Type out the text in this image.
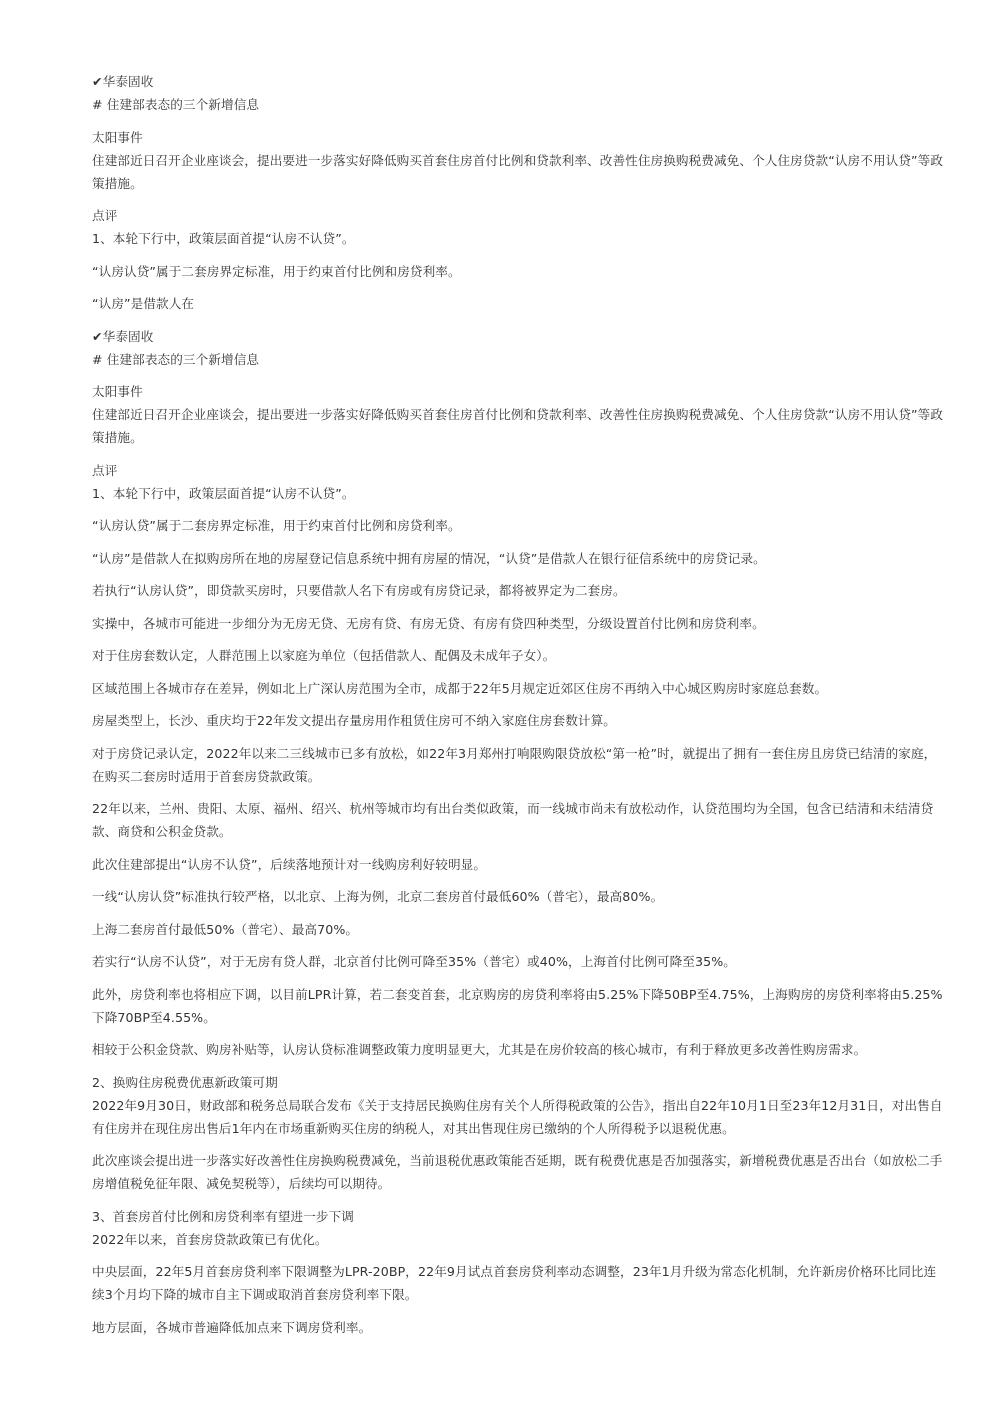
✔华泰固收

# 住建部表态的三个新增信息

太阳事件

住建部近日召开企业座谈会，提出要进一步落实好降低购买首套住房首付比例和贷款利率、改善性住房换购税费减免、个人住房贷款“认房不用认贷”等政策措施。

点评

1、本轮下行中，政策层面首提“认房不认贷”。

“认房认贷”属于二套房界定标准，用于约束首付比例和房贷利率。

“认房”是借款人在

✔华泰固收

# 住建部表态的三个新增信息

太阳事件

住建部近日召开企业座谈会，提出要进一步落实好降低购买首套住房首付比例和贷款利率、改善性住房换购税费减免、个人住房贷款“认房不用认贷”等政策措施。

点评

1、本轮下行中，政策层面首提“认房不认贷”。

“认房认贷”属于二套房界定标准，用于约束首付比例和房贷利率。

“认房”是借款人在拟购房所在地的房屋登记信息系统中拥有房屋的情况，“认贷”是借款人在银行征信系统中的房贷记录。

若执行“认房认贷”，即贷款买房时，只要借款人名下有房或有房贷记录，都将被界定为二套房。

实操中，各城市可能进一步细分为无房无贷、无房有贷、有房无贷、有房有贷四种类型，分级设置首付比例和房贷利率。

对于住房套数认定，人群范围上以家庭为单位（包括借款人、配偶及未成年子女）。

区域范围上各城市存在差异，例如北上广深认房范围为全市，成都于22年5月规定近郊区住房不再纳入中心城区购房时家庭总套数。

房屋类型上，长沙、重庆均于22年发文提出存量房用作租赁住房可不纳入家庭住房套数计算。

对于房贷记录认定，2022年以来二三线城市已多有放松，如22年3月郑州打响限购限贷放松“第一枪”时，就提出了拥有一套住房且房贷已结清的家庭，在购买二套房时适用于首套房贷款政策。

22年以来，兰州、贵阳、太原、福州、绍兴、杭州等城市均有出台类似政策，而一线城市尚未有放松动作，认贷范围均为全国，包含已结清和未结清贷款、商贷和公积金贷款。

此次住建部提出“认房不认贷”，后续落地预计对一线购房利好较明显。

一线“认房认贷”标准执行较严格，以北京、上海为例，北京二套房首付最低60%（普宅），最高80%。

上海二套房首付最低50%（普宅）、最高70%。

若实行“认房不认贷”，对于无房有贷人群，北京首付比例可降至35%（普宅）或40%，上海首付比例可降至35%。

此外，房贷利率也将相应下调，以目前LPR计算，若二套变首套，北京购房的房贷利率将由5.25%下降50BP至4.75%，上海购房的房贷利率将由5.25%下降70BP至4.55%。

相较于公积金贷款、购房补贴等，认房认贷标准调整政策力度明显更大，尤其是在房价较高的核心城市，有利于释放更多改善性购房需求。

2、换购住房税费优惠新政策可期

2022年9月30日，财政部和税务总局联合发布《关于支持居民换购住房有关个人所得税政策的公告》，指出自22年10月1日至23年12月31日，对出售自有住房并在现住房出售后1年内在市场重新购买住房的纳税人，对其出售现住房已缴纳的个人所得税予以退税优惠。

此次座谈会提出进一步落实好改善性住房换购税费减免，当前退税优惠政策能否延期，既有税费优惠是否加强落实，新增税费优惠是否出台（如放松二手房增值税免征年限、减免契税等），后续均可以期待。

3、首套房首付比例和房贷利率有望进一步下调

2022年以来，首套房贷款政策已有优化。

中央层面，22年5月首套房贷利率下限调整为LPR-20BP，22年9月试点首套房贷利率动态调整，23年1月升级为常态化机制，允许新房价格环比同比连续3个月均下降的城市自主下调或取消首套房贷利率下限。

地方层面，各城市普遍降低加点来下调房贷利率。
